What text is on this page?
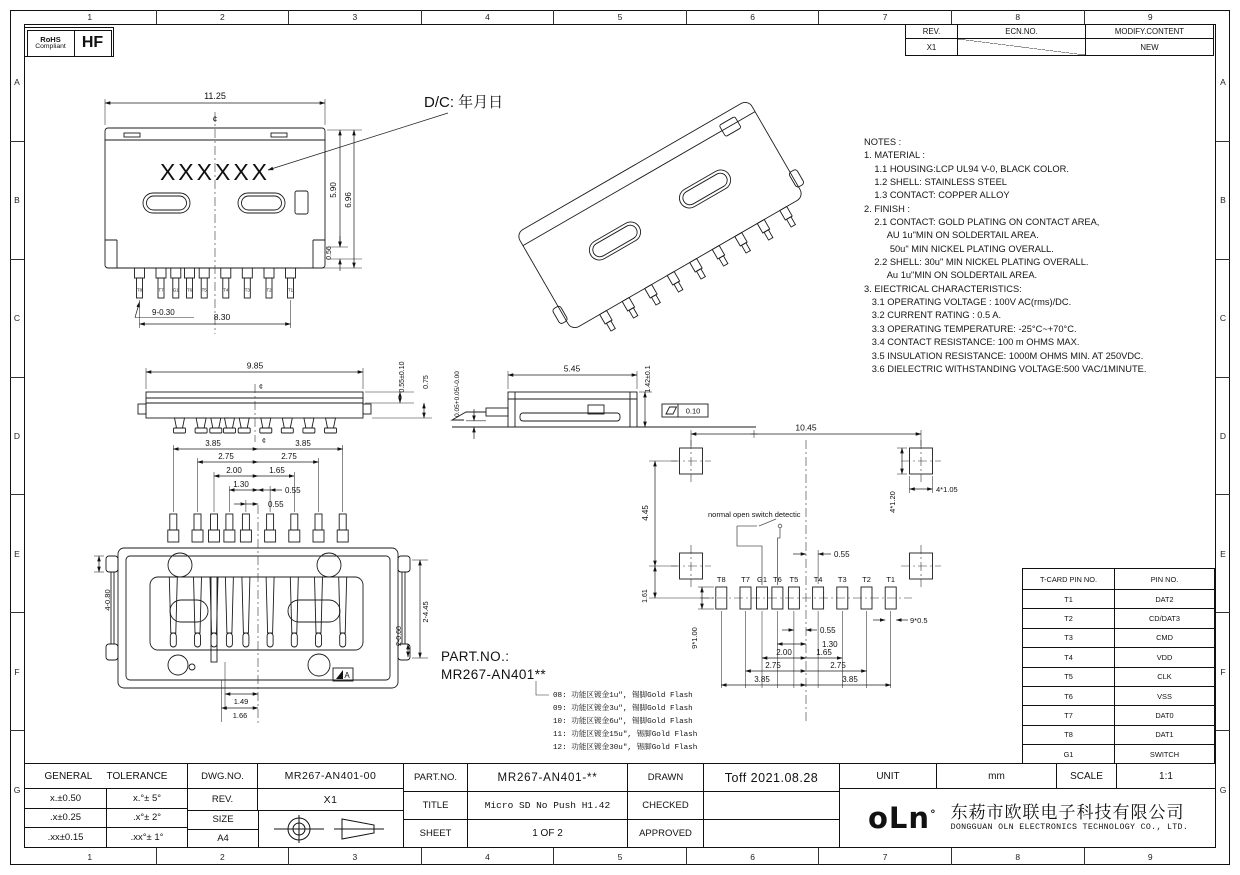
1	2	3	4	5	6	7	8	9
1	2	3	4	5	6	7	8	9
A
B
C
D
E
F
G
A
B
C
D
E
F
G
RoHS
Compliant	HF
REV.	ECN.NO.	MODIFY.CONTENT
X1	NEW
NOTES :
1. MATERIAL :
1.1 HOUSING:LCP UL94 V-0, BLACK COLOR.
1.2 SHELL: STAINLESS STEEL
1.3 CONTACT: COPPER ALLOY
2. FINISH :
2.1 CONTACT: GOLD PLATING ON CONTACT AREA,
AU 1u"MIN ON SOLDERTAIL AREA.
50u" MIN NICKEL PLATING OVERALL.
2.2 SHELL: 30u" MIN NICKEL PLATING OVERALL.
Au 1u"MIN ON SOLDERTAIL AREA.
3. EIECTRICAL CHARACTERISTICS:
3.1 OPERATING VOLTAGE : 100V AC(rms)/DC.
3.2 CURRENT RATING : 0.5 A.
3.3 OPERATING TEMPERATURE: -25°C~+70°C.
3.4 CONTACT RESISTANCE: 100 m OHMS MAX.
3.5 INSULATION RESISTANCE: 1000M OHMS MIN. AT 250VDC.
3.6 DIELECTRIC WITHSTANDING VOLTAGE:500 VAC/1MINUTE.
PART.NO.:
MR267-AN401**
08: 功能区镀金1u", 锡脚Gold Flash
09: 功能区镀金3u", 锡脚Gold Flash
10: 功能区镀金6u", 锡脚Gold Flash
11: 功能区镀金15u", 锡脚Gold Flash
12: 功能区镀金30u", 锡脚Gold Flash
T-CARD PIN NO.	PIN NO.
T1	DAT2
T2	CD/DAT3
T3	CMD
T4	VDD
T5	CLK
T6	VSS
T7	DAT0
T8	DAT1
G1	SWITCH
GENERAL TOLERANCE
x.±0.50	x.°± 5°
.x±0.25	.x°± 2°
.xx±0.15	.xx°± 1°
DWG.NO.	MR267-AN401-00
REV.	X1
SIZE
A4
PART.NO.	MR267-AN401-**
TITLE	Micro SD No Push H1.42
SHEET	1 OF 2
DRAWN	Toff 2021.08.28
CHECKED
APPROVED
UNIT	mm	SCALE	1:1
oLn° 东菞市欧联电子科技有限公司
DONGGUAN OLN ELECTRONICS TECHNOLOGY CO., LTD.
XXXXXX
T8	T7 G1 T6 T5	T4	T3	T2	T1
11.25
¢
5.90
6.96
0.56
9-0.30	8.30
D/C: 年月日
¢
9.85	0.55±0.10 0.75
5.45	1.42±0.1
0.05+0.05/-0.00	0.10
¢
A
3.85	3.85
2.75	2.75
2.00	1.65
1.30
0.55
0.55
4-0.80
2-4.45
2-0.60
1.49
1.66
T8 T7 G1 T6 T5 T4 T3 T2 T1
normal open switch detectic
10.45
4.45
1.61
4*1.20
4*1.05
0.55
9*1.00
9*0.5
0.55
1.30
2.00	1.65
2.75	2.75
3.85	3.85
